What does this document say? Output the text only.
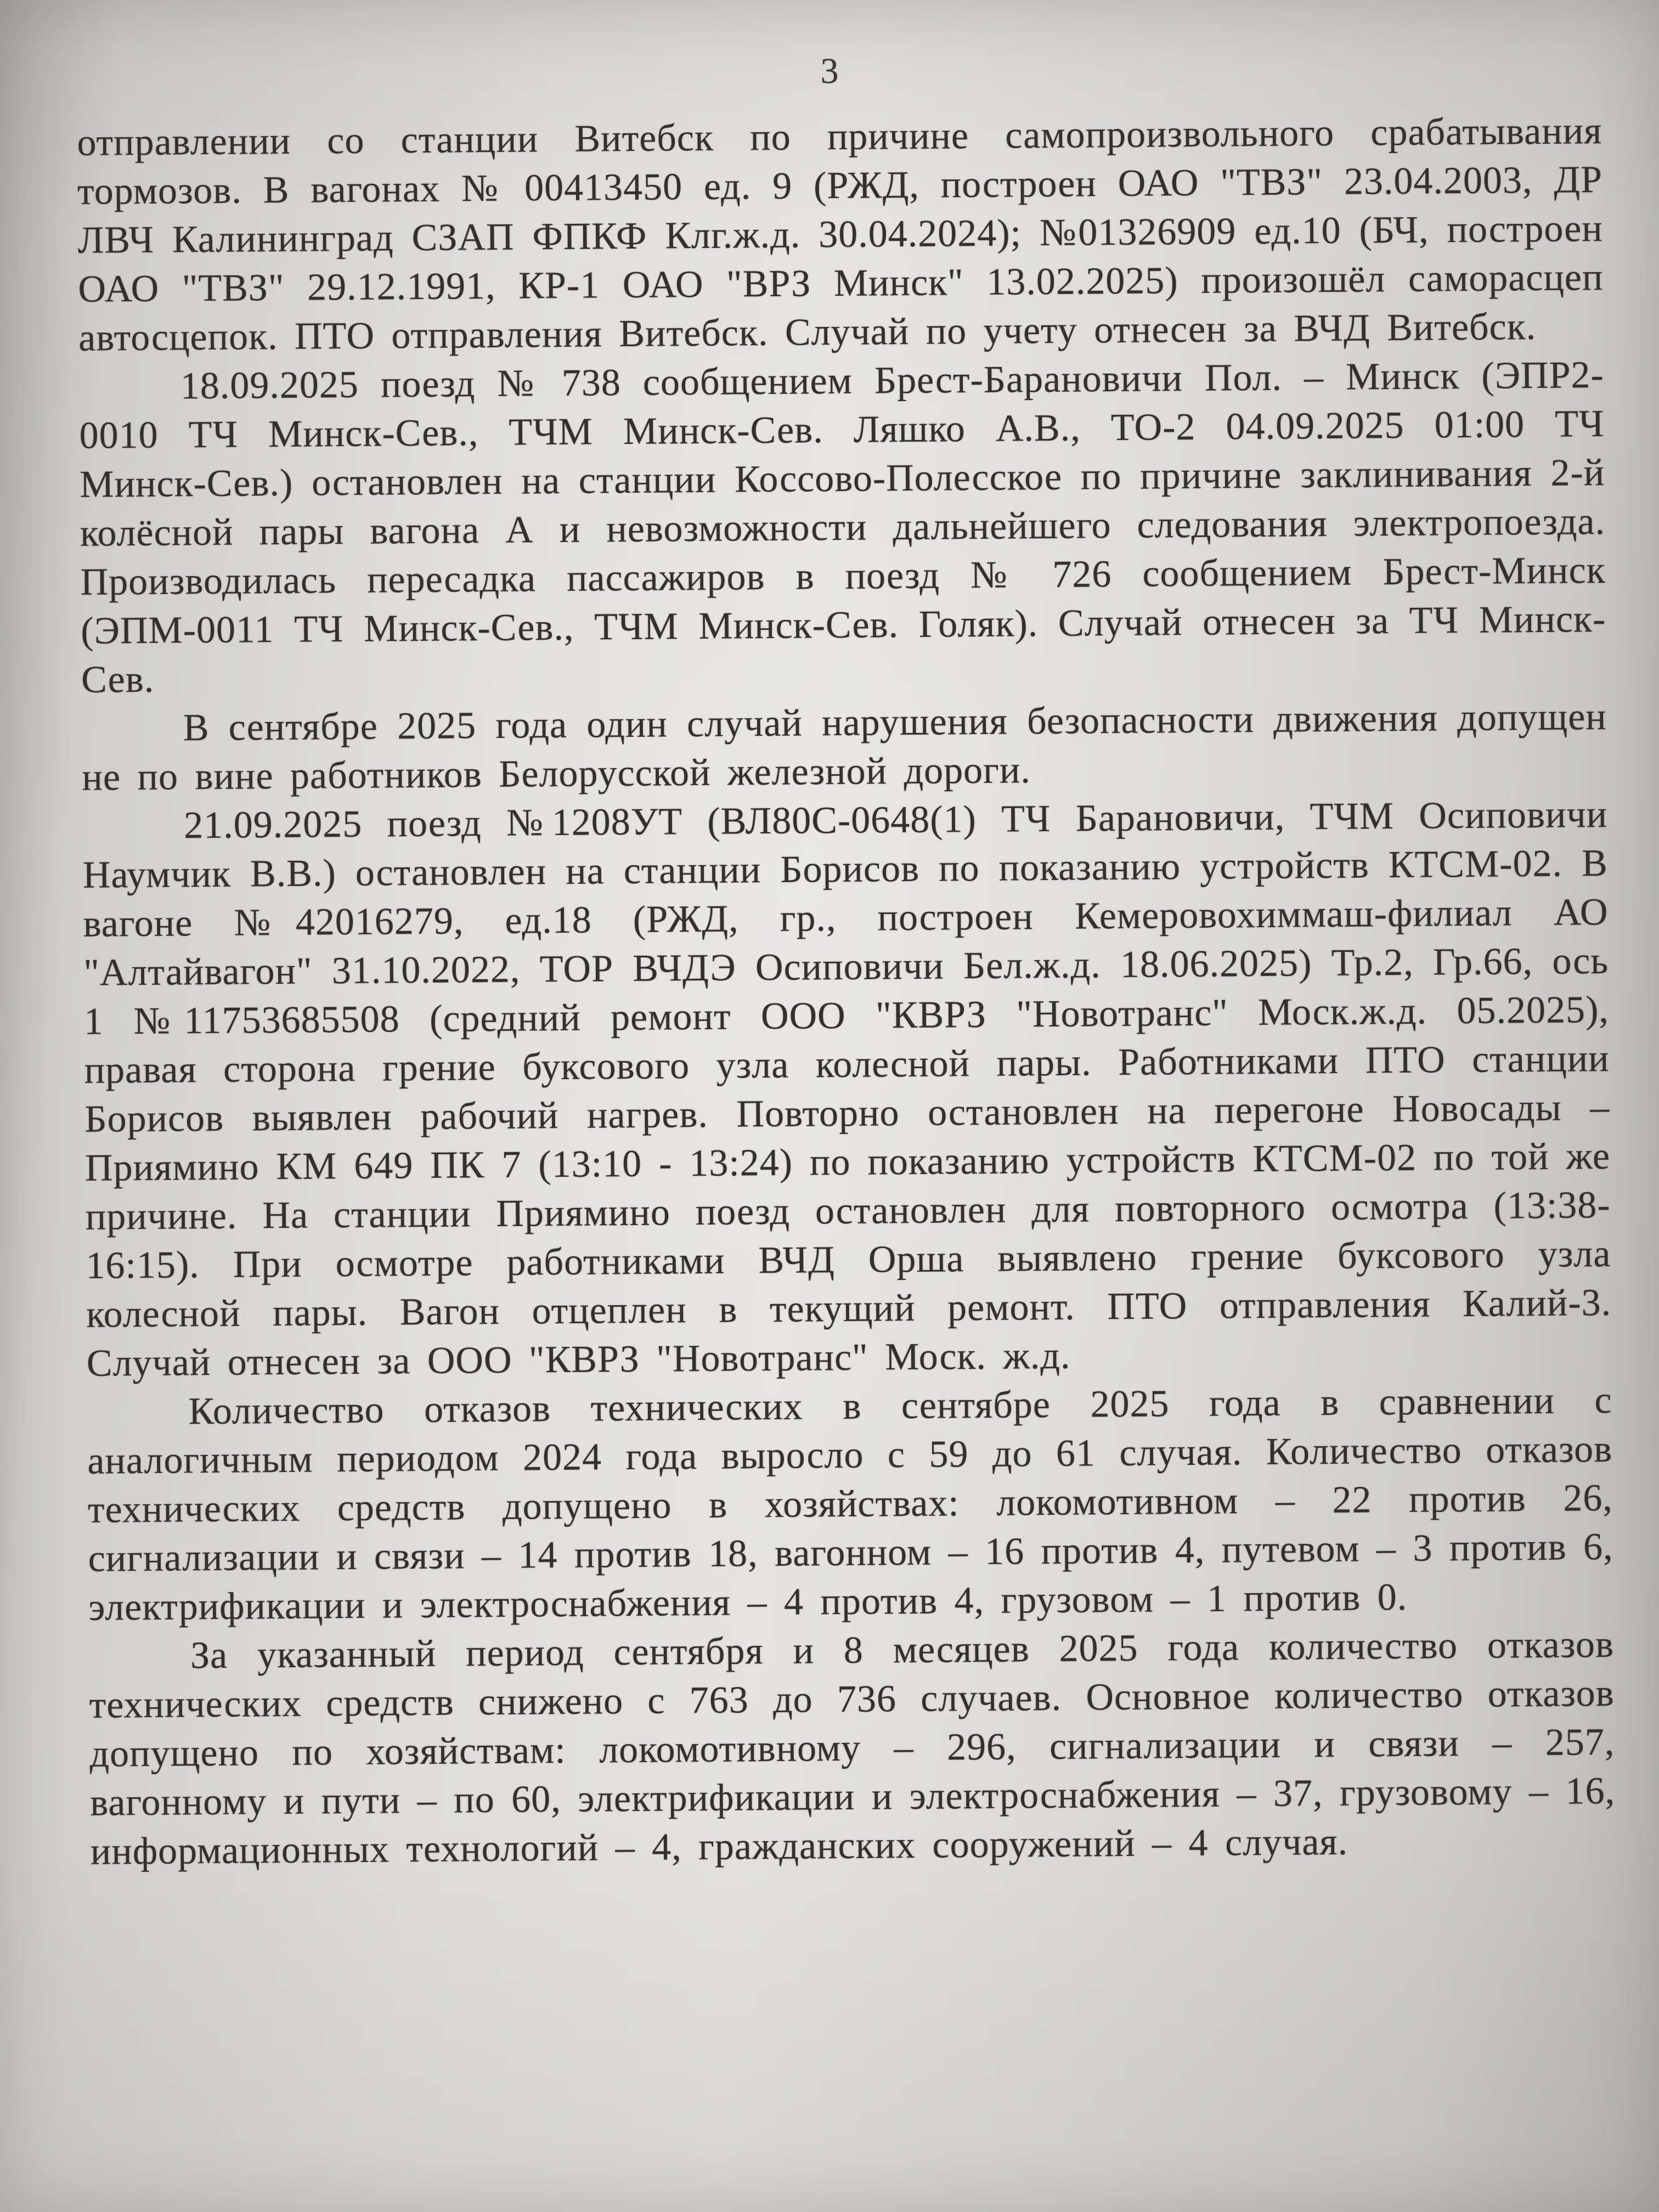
3

отправлении со станции Витебск по причине самопроизвольного срабатывания тормозов. В вагонах № 00413450 ед. 9 (РЖД, построен ОАО "ТВЗ" 23.04.2003, ДР ЛВЧ Калининград СЗАП ФПКФ Клг.ж.д. 30.04.2024); №01326909 ед.10 (БЧ, построен ОАО "ТВЗ" 29.12.1991, КР-1 ОАО "ВРЗ Минск" 13.02.2025) произошёл саморасцеп автосцепок. ПТО отправления Витебск. Случай по учету отнесен за ВЧД Витебск.

18.09.2025 поезд № 738 сообщением Брест-Барановичи Пол. – Минск (ЭПР2-0010 ТЧ Минск-Сев., ТЧМ Минск-Сев. Ляшко А.В., ТО-2 04.09.2025 01:00 ТЧ Минск-Сев.) остановлен на станции Коссово-Полесское по причине заклинивания 2-й колёсной пары вагона А и невозможности дальнейшего следования электропоезда. Производилась пересадка пассажиров в поезд № 726 сообщением Брест-Минск (ЭПМ-0011 ТЧ Минск-Сев., ТЧМ Минск-Сев. Голяк). Случай отнесен за ТЧ Минск-Сев.

В сентябре 2025 года один случай нарушения безопасности движения допущен не по вине работников Белорусской железной дороги.

21.09.2025 поезд №1208УТ (ВЛ80С-0648(1) ТЧ Барановичи, ТЧМ Осиповичи Наумчик В.В.) остановлен на станции Борисов по показанию устройств КТСМ-02. В вагоне №42016279, ед.18 (РЖД, гр., построен Кемеровохиммаш-филиал АО "Алтайвагон" 31.10.2022, ТОР ВЧДЭ Осиповичи Бел.ж.д. 18.06.2025) Тр.2, Гр.66, ось 1 №11753685508 (средний ремонт ООО "КВРЗ "Новотранс" Моск.ж.д. 05.2025), правая сторона грение буксового узла колесной пары. Работниками ПТО станции Борисов выявлен рабочий нагрев. Повторно остановлен на перегоне Новосады – Приямино КМ 649 ПК 7 (13:10 - 13:24) по показанию устройств КТСМ-02 по той же причине. На станции Приямино поезд остановлен для повторного осмотра (13:38-16:15). При осмотре работниками ВЧД Орша выявлено грение буксового узла колесной пары. Вагон отцеплен в текущий ремонт. ПТО отправления Калий-3. Случай отнесен за ООО "КВРЗ "Новотранс" Моск. ж.д.

Количество отказов технических в сентябре 2025 года в сравнении с аналогичным периодом 2024 года выросло с 59 до 61 случая. Количество отказов технических средств допущено в хозяйствах: локомотивном – 22 против 26, сигнализации и связи – 14 против 18, вагонном – 16 против 4, путевом – 3 против 6, электрификации и электроснабжения – 4 против 4, грузовом – 1 против 0.

За указанный период сентября и 8 месяцев 2025 года количество отказов технических средств снижено с 763 до 736 случаев. Основное количество отказов допущено по хозяйствам: локомотивному – 296, сигнализации и связи – 257, вагонному и пути – по 60, электрификации и электроснабжения – 37, грузовому – 16, информационных технологий – 4, гражданских сооружений – 4 случая.
